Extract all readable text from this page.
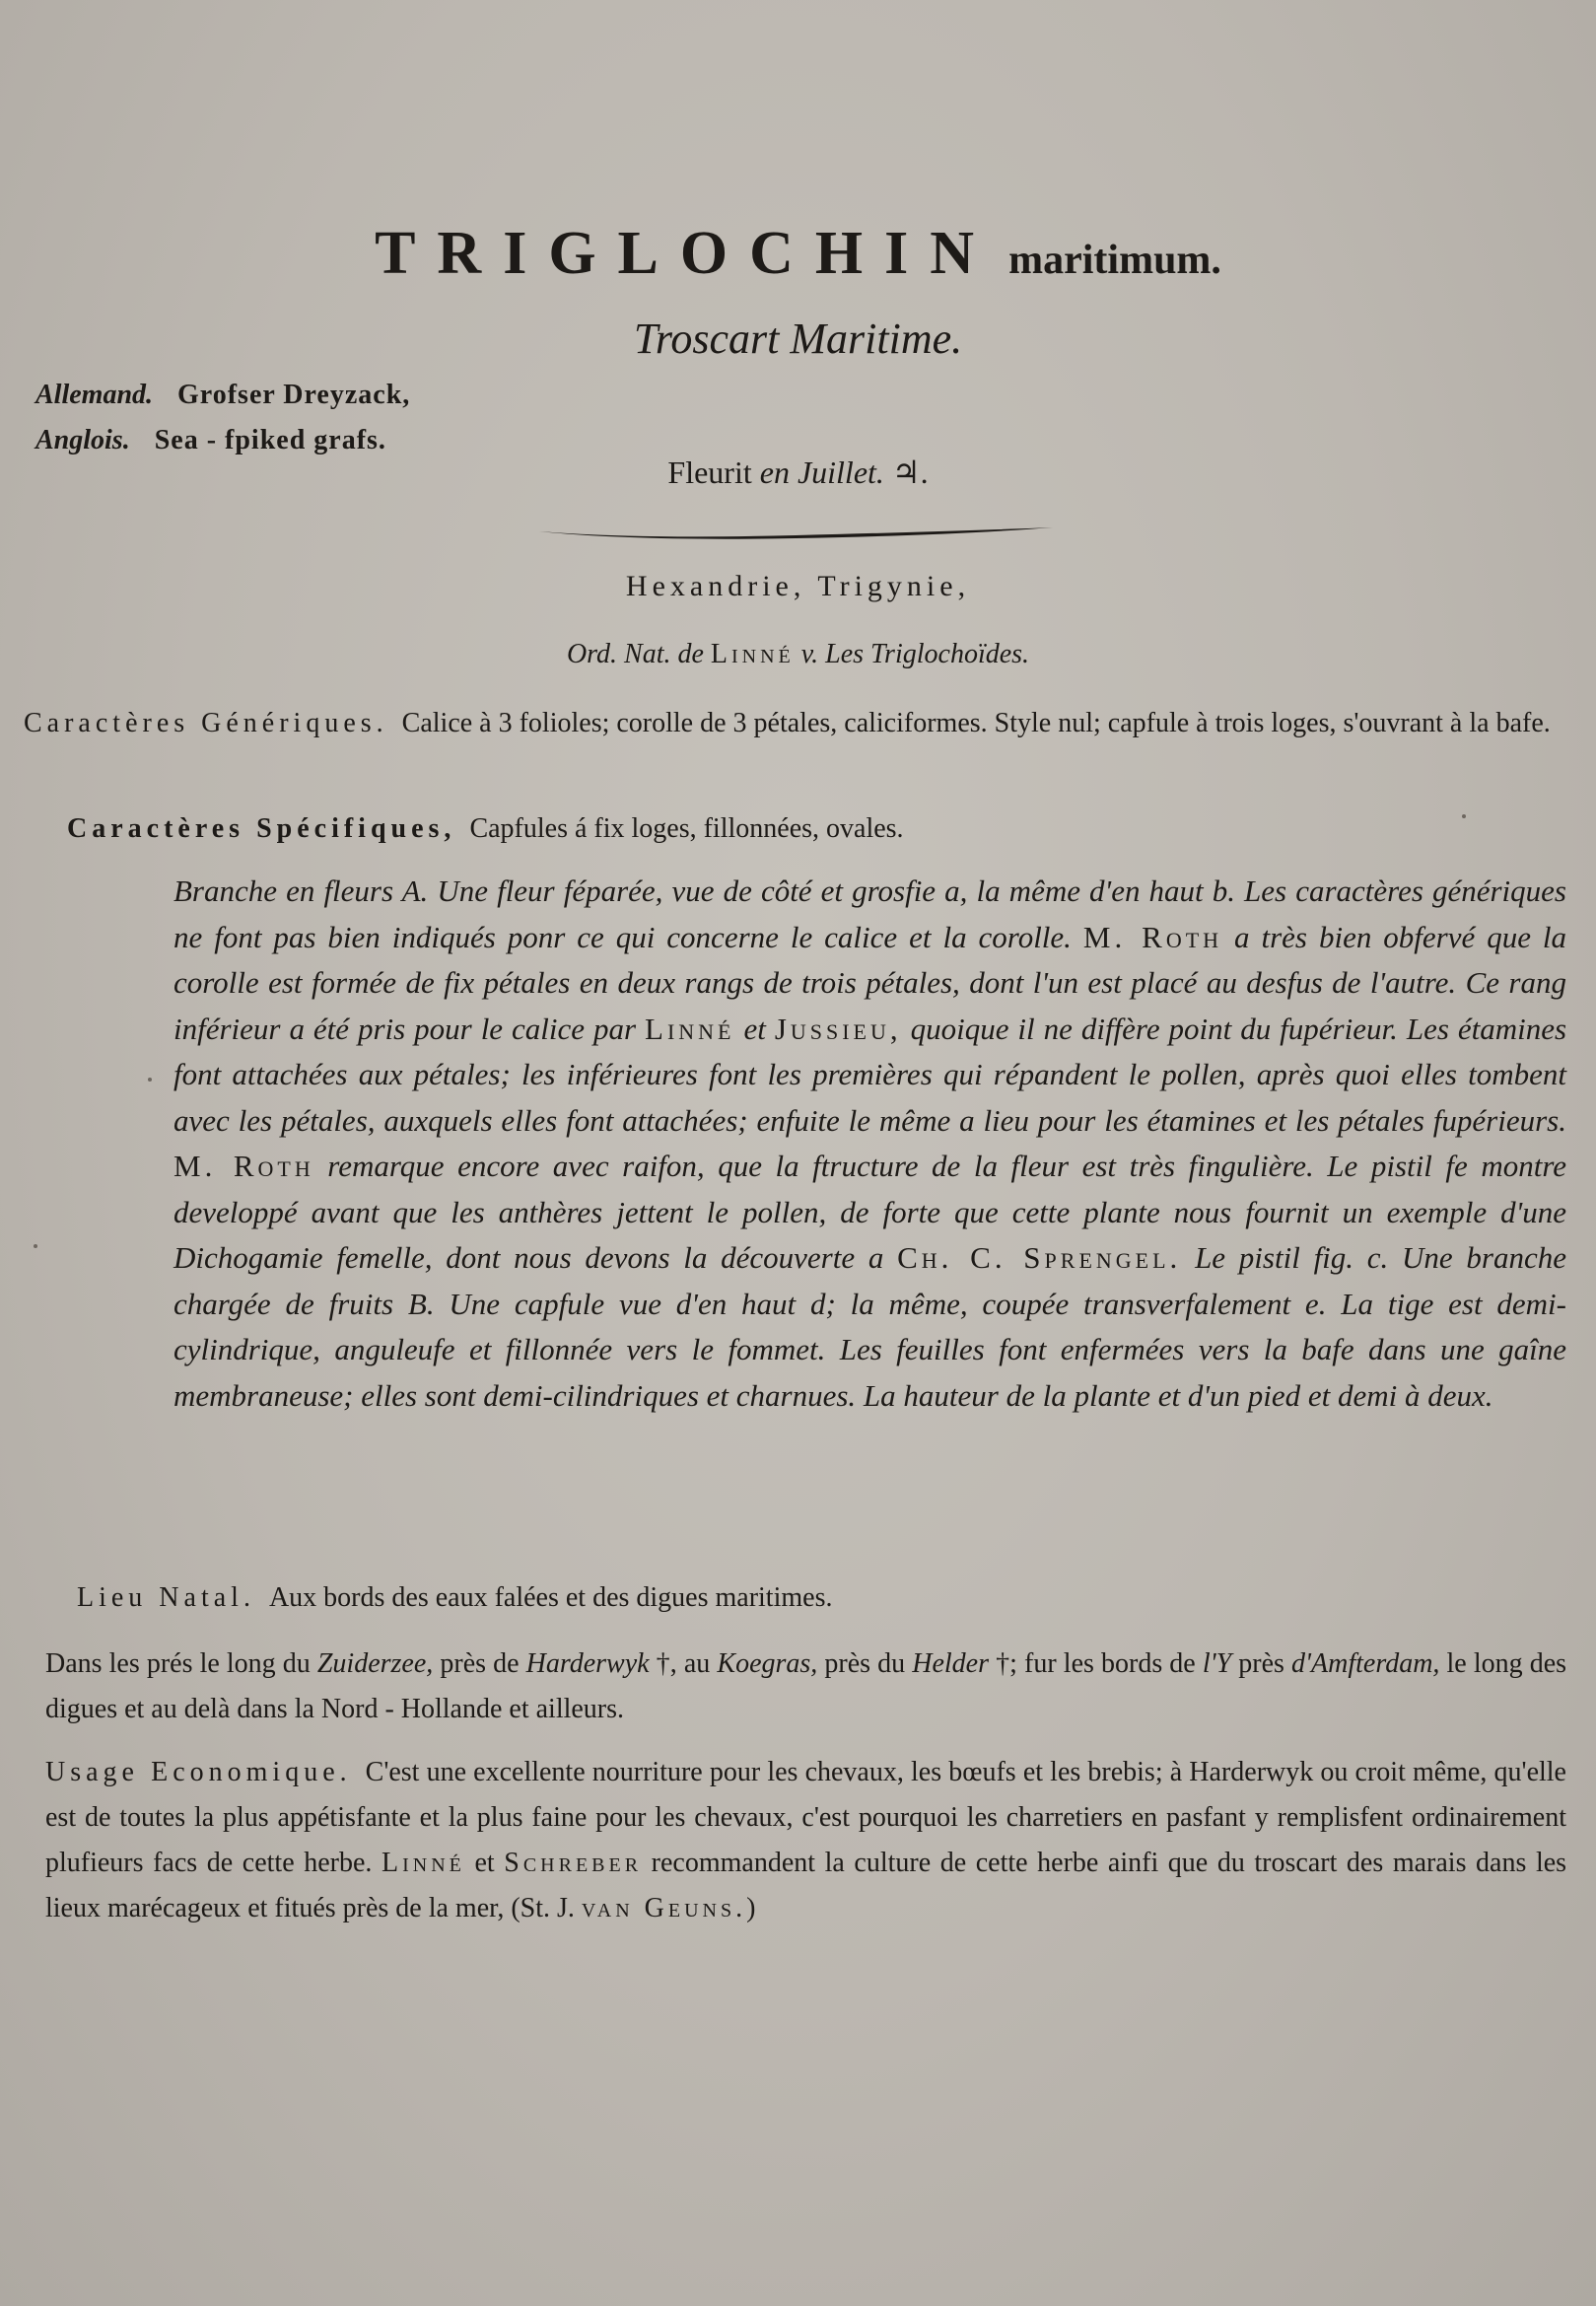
TRIGLOCHIN maritimum.
Troscart Maritime.
Allemand. Grofser Dreyzack,
Anglois. Sea - fpiked grafs.
Fleurit en Juillet. ♃.
Hexandrie, Trigynie,
Ord. Nat. de Linné v. Les Triglochoïdes.
Caractères Génériques. Calice à 3 folioles; corolle de 3 pétales, caliciformes. Style nul; capfule à trois loges, s'ouvrant à la bafe.
Caractères Spécifiques, Capfules á fix loges, fillonnées, ovales.
Branche en fleurs A. Une fleur féparée, vue de côté et grosfie a, la même d'en haut b. Les caractères génériques ne font pas bien indiqués ponr ce qui concerne le calice et la corolle. M. Roth a très bien obfervé que la corolle est formée de fix pétales en deux rangs de trois pétales, dont l'un est placé au desfus de l'autre. Ce rang inférieur a été pris pour le calice par Linné et Jussieu, quoique il ne diffère point du fupérieur. Les étamines font attachées aux pétales; les inférieures font les premières qui répandent le pollen, après quoi elles tombent avec les pétales, auxquels elles font attachées; enfuite le même a lieu pour les étamines et les pétales fupérieurs. M. Roth remarque encore avec raifon, que la ftructure de la fleur est très fingulière. Le pistil fe montre developpé avant que les anthères jettent le pollen, de forte que cette plante nous fournit un exemple d'une Dichogamie femelle, dont nous devons la découverte a Ch. C. Sprengel. Le pistil fig. c. Une branche chargée de fruits B. Une capfule vue d'en haut d; la même, coupée transverfalement e. La tige est demi-cylindrique, anguleufe et fillonnée vers le fommet. Les feuilles font enfermées vers la bafe dans une gaîne membraneuse; elles sont demi-cilindriques et charnues. La hauteur de la plante et d'un pied et demi à deux.
Lieu Natal. Aux bords des eaux falées et des digues maritimes.
Dans les prés le long du Zuiderzee, près de Harderwyk †, au Koegras, près du Helder †; fur les bords de l'Y près d'Amfterdam, le long des digues et au delà dans la Nord - Hollande et ailleurs.
Usage Economique. C'est une excellente nourriture pour les chevaux, les bœufs et les brebis; à Harderwyk ou croit même, qu'elle est de toutes la plus appétisfante et la plus faine pour les chevaux, c'est pourquoi les charretiers en pasfant y remplisfent ordinairement plufieurs facs de cette herbe. Linné et Schreber recommandent la culture de cette herbe ainfi que du troscart des marais dans les lieux marécageux et fitués près de la mer, (St. J. van Geuns.)
